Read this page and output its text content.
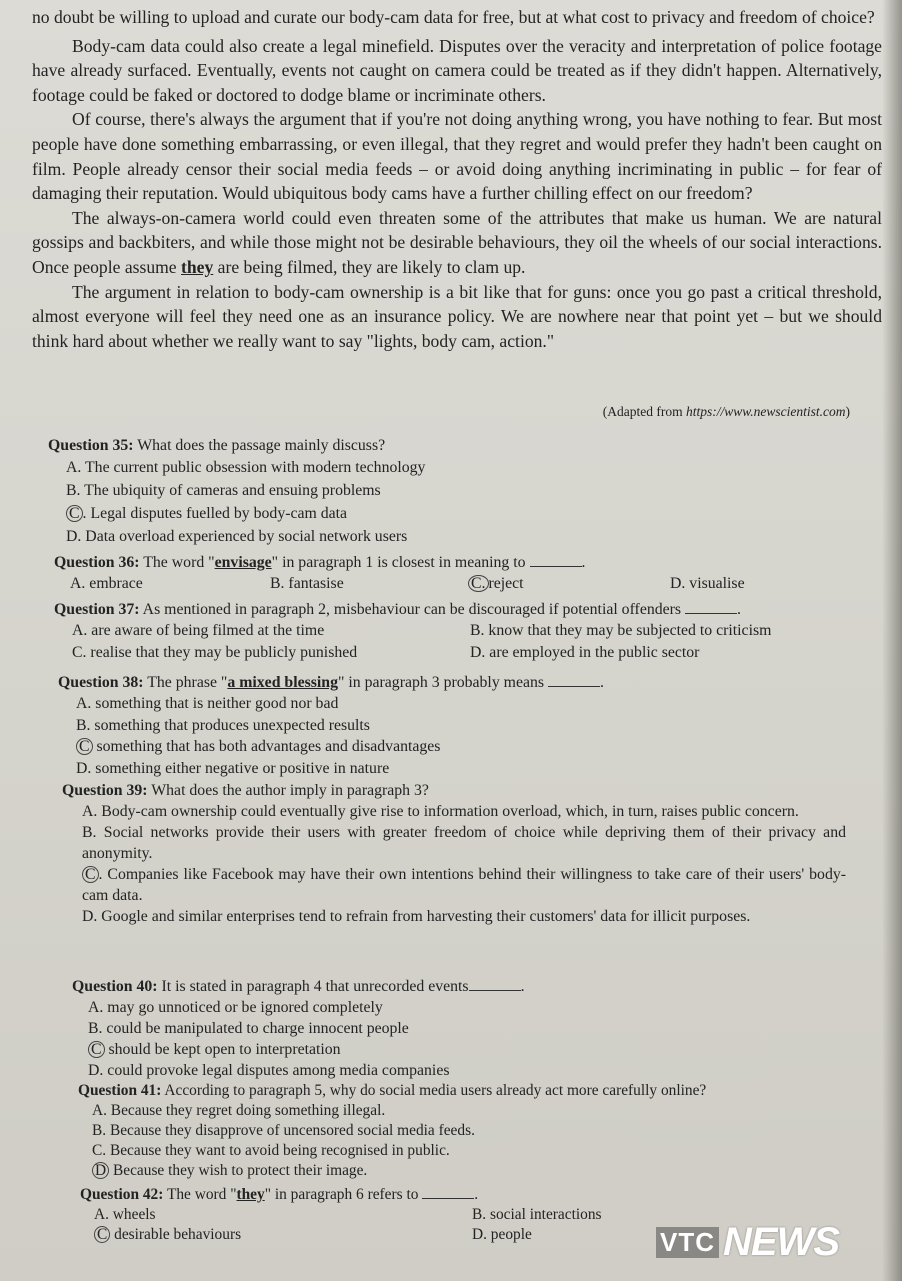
no doubt be willing to upload and curate our body-cam data for free, but at what cost to privacy and freedom of choice?
Body-cam data could also create a legal minefield. Disputes over the veracity and interpretation of police footage have already surfaced. Eventually, events not caught on camera could be treated as if they didn't happen. Alternatively, footage could be faked or doctored to dodge blame or incriminate others.
Of course, there's always the argument that if you're not doing anything wrong, you have nothing to fear. But most people have done something embarrassing, or even illegal, that they regret and would prefer they hadn't been caught on film. People already censor their social media feeds – or avoid doing anything incriminating in public – for fear of damaging their reputation. Would ubiquitous body cams have a further chilling effect on our freedom?
The always-on-camera world could even threaten some of the attributes that make us human. We are natural gossips and backbiters, and while those might not be desirable behaviours, they oil the wheels of our social interactions. Once people assume they are being filmed, they are likely to clam up.
The argument in relation to body-cam ownership is a bit like that for guns: once you go past a critical threshold, almost everyone will feel they need one as an insurance policy. We are nowhere near that point yet – but we should think hard about whether we really want to say "lights, body cam, action."

(Adapted from https://www.newscientist.com)
Question 35: What does the passage mainly discuss?
A. The current public obsession with modern technology
B. The ubiquity of cameras and ensuing problems
C . Legal disputes fuelled by body-cam data
D. Data overload experienced by social network users
Question 36: The word "envisage" in paragraph 1 is closest in meaning to	.
A. embrace	B. fantasise	C. reject	D. visualise
Question 37: As mentioned in paragraph 2, misbehaviour can be discouraged if potential offenders	.
A. are aware of being filmed at the time	B. know that they may be subjected to criticism
C. realise that they may be publicly punished	D. are employed in the public sector
Question 38: The phrase "a mixed blessing" in paragraph 3 probably means	.
A. something that is neither good nor bad
B. something that produces unexpected results
C something that has both advantages and disadvantages
D. something either negative or positive in nature
Question 39: What does the author imply in paragraph 3?
A. Body-cam ownership could eventually give rise to information overload, which, in turn, raises public concern.
B. Social networks provide their users with greater freedom of choice while depriving them of their privacy and anonymity.
C . Companies like Facebook may have their own intentions behind their willingness to take care of their users' body-cam data.
D. Google and similar enterprises tend to refrain from harvesting their customers' data for illicit purposes.
Question 40: It is stated in paragraph 4 that unrecorded events	.
A. may go unnoticed or be ignored completely
B. could be manipulated to charge innocent people
C should be kept open to interpretation
D. could provoke legal disputes among media companies
Question 41: According to paragraph 5, why do social media users already act more carefully online?
A. Because they regret doing something illegal.
B. Because they disapprove of uncensored social media feeds.
C. Because they want to avoid being recognised in public.
D Because they wish to protect their image.
Question 42: The word "they" in paragraph 6 refers to	.
A. wheels	B. social interactions
C desirable behaviours	D. people	VTC NEWS
